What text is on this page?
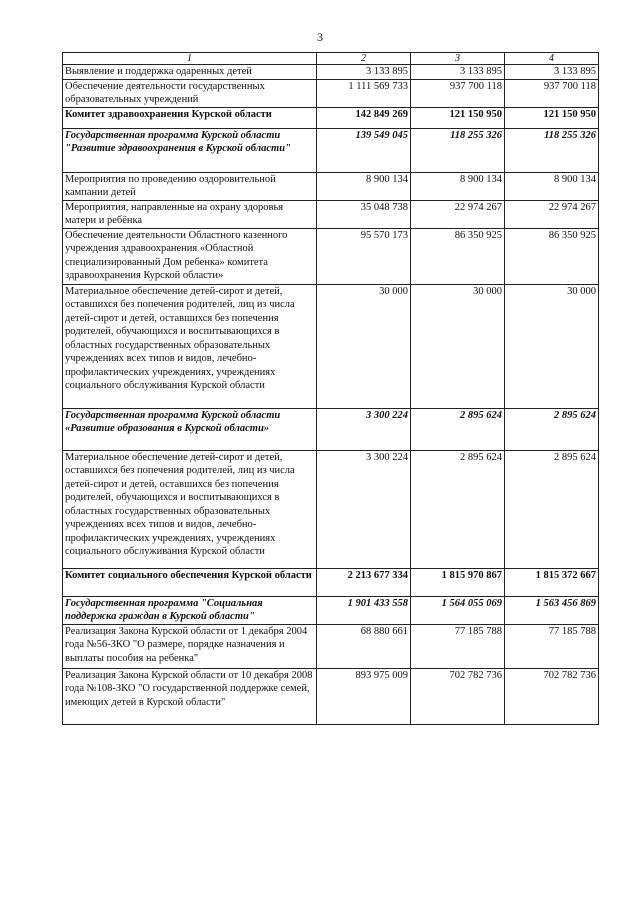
3
1	2	3	4
Выявление и поддержка одаренных детей	3 133 895	3 133 895	3 133 895
Обеспечение деятельности государственных образовательных учреждений	1 111 569 733	937 700 118	937 700 118
Комитет здравоохранения Курской области	142 849 269	121 150 950	121 150 950
Государственная программа Курской области "Развитие здравоохранения в Курской области"	139 549 045	118 255 326	118 255 326
Мероприятия по проведению оздоровительной кампании детей	8 900 134	8 900 134	8 900 134
Мероприятия, направленные на охрану здоровья матери и ребёнка	35 048 738	22 974 267	22 974 267
Обеспечение деятельности Областного казенного учреждения здравоохранения «Областной специализированный Дом ребенка» комитета здравоохранения Курской области»	95 570 173	86 350 925	86 350 925
Материальное обеспечение детей-сирот и детей, оставшихся без попечения родителей, лиц из числа детей-сирот и детей, оставшихся без попечения родителей, обучающихся и воспитывающихся в областных государственных образовательных учреждениях всех типов и видов, лечебно-профилактических учреждениях, учреждениях социального обслуживания Курской области	30 000	30 000	30 000
Государственная программа Курской области «Развитие образования в Курской области»	3 300 224	2 895 624	2 895 624
Материальное обеспечение детей-сирот и детей, оставшихся без попечения родителей, лиц из числа детей-сирот и детей, оставшихся без попечения родителей, обучающихся и воспитывающихся в областных государственных образовательных учреждениях всех типов и видов, лечебно-профилактических учреждениях, учреждениях социального обслуживания Курской области	3 300 224	2 895 624	2 895 624
Комитет социального обеспечения Курской области	2 213 677 334	1 815 970 867	1 815 372 667
Государственная программа "Социальная поддержка граждан в Курской области"	1 901 433 558	1 564 055 069	1 563 456 869
Реализация Закона Курской области от 1 декабря 2004 года №56-ЗКО "О размере, порядке назначения и выплаты пособия на ребенка"	68 880 661	77 185 788	77 185 788
Реализация Закона Курской области от 10 декабря 2008 года №108-ЗКО "О государственной поддержке семей, имеющих детей в Курской области"	893 975 009	702 782 736	702 782 736
